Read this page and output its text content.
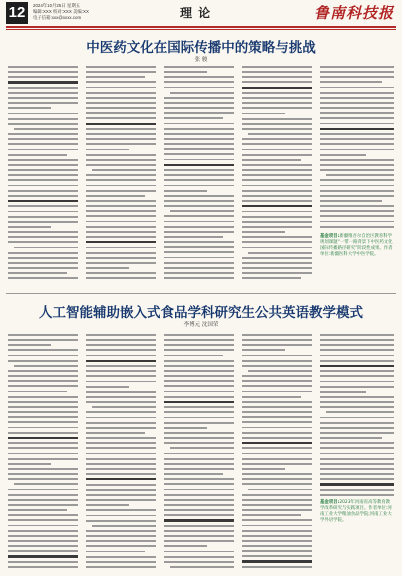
12	2024年10月25日 星期五
编辑:XXX 校对:XXX 美编:XX
电子信箱:xxx@xxxx.com	理 论	鲁南科技报
中医药文化在国际传播中的策略与挑战
张 骏
基金项目:新疆维吾尔自治区教育科学规划课题“一带一路背景下中医药文化国际传播路径研究”阶段性成果。作者单位:新疆医科大学中医学院。
人工智能辅助嵌入式食品学科研究生公共英语教学模式
李博元 沈国荣
基金项目:2023年河南省高等教育教学改革研究与实践项目。作者单位:河南工业大学粮油食品学院;河南工业大学外语学院。
